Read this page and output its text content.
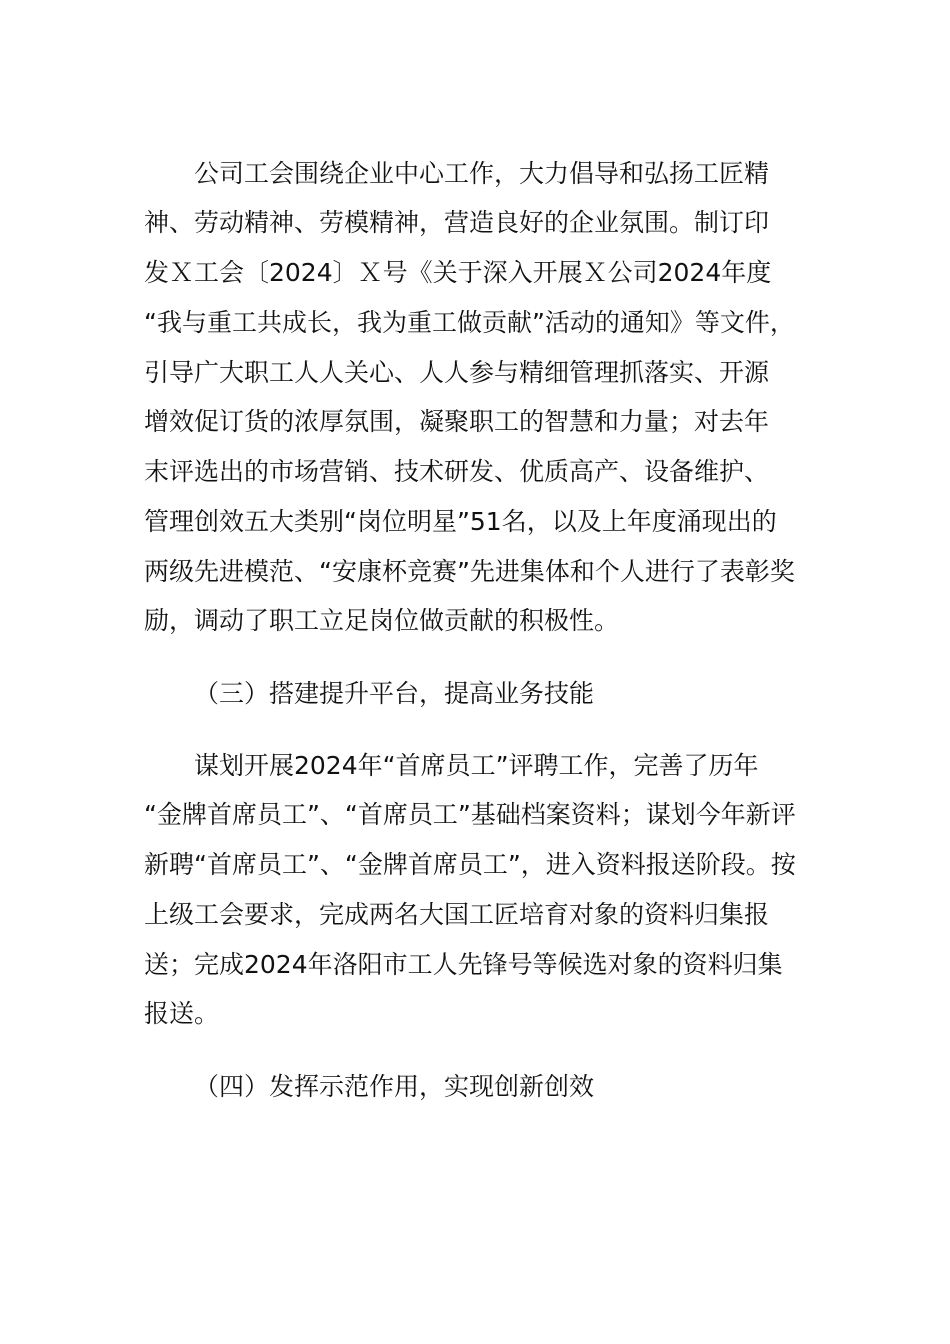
公司工会围绕企业中心工作，大力倡导和弘扬工匠精
神、劳动精神、劳模精神，营造良好的企业氛围。制订印
发Ｘ工会〔2024〕Ｘ号《关于深入开展Ｘ公司2024年度
“我与重工共成长，我为重工做贡献”活动的通知》等文件，
引导广大职工人人关心、人人参与精细管理抓落实、开源
增效促订货的浓厚氛围，凝聚职工的智慧和力量；对去年
末评选出的市场营销、技术研发、优质高产、设备维护、
管理创效五大类别“岗位明星”51名，以及上年度涌现出的
两级先进模范、“安康杯竞赛”先进集体和个人进行了表彰奖
励，调动了职工立足岗位做贡献的积极性。
（三）搭建提升平台，提高业务技能
谋划开展2024年“首席员工”评聘工作，完善了历年
“金牌首席员工”、“首席员工”基础档案资料；谋划今年新评
新聘“首席员工”、“金牌首席员工”，进入资料报送阶段。按
上级工会要求，完成两名大国工匠培育对象的资料归集报
送；完成2024年洛阳市工人先锋号等候选对象的资料归集
报送。
（四）发挥示范作用，实现创新创效
